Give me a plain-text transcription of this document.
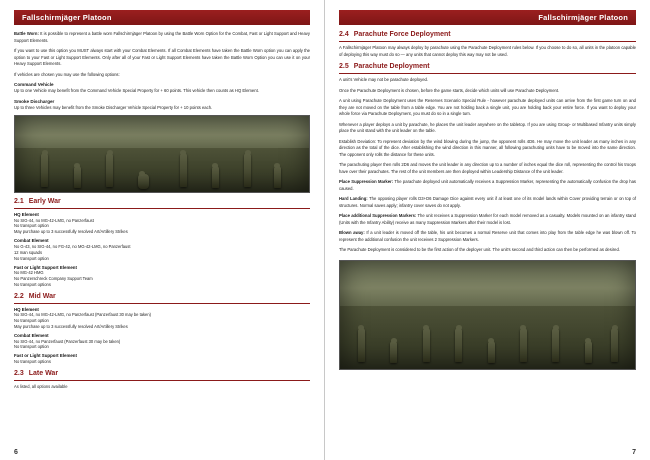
Fallschirmjäger Platoon

Battle Worn: It is possible to represent a battle worn Fallschirmjäger Platoon by using the Battle Worn Option for the Combat, Fast or Light Support and Heavy Support Elements.

If you want to use this option you MUST always start with your Combat Elements. If all Combat Elements have taken the Battle Worn option you can apply the option to your Fast or Light Support Elements. Only after all of your Fast or Light Support Elements have taken the Battle Worn Option you can use it on your Heavy Support Elements.

If vehicles are chosen you may use the following options:

Command Vehicle

Up to one Vehicle may benefit from the Command Vehicle Special Property for + 60 points. This vehicle then counts as HQ Element.

Smoke Discharger

Up to three Vehicles may benefit from the Smoke Discharger Vehicle Special Property for + 10 points each.

2.1 Early War
HQ Element

No SIG-44, no MG-42-LMG, no Panzerfaust

No transport option

May purchase up to 3 successfully resolved Art/Artillery Strikes

Combat Element

No G-43, no SIG-44, no FG-42, no MG-42-LMG, no Panzerfaust

12 man squads

No transport option

Fast or Light Support Element

No MG-42 HMG

No Panzerschreck Company Support Team

No transport options

2.2 Mid War
HQ Element

No SIG-44, no MG-42-LMG, no Panzerfaust (Panzerfaust 30 may be taken)

No transport option

May purchase up to 3 successfully resolved Art/Artillery Strikes

Combat Element

No SIG-44, no Panzerfaust (Panzerfaust 30 may be taken)

No transport option

Fast or Light Support Element

No transport options

2.3 Late War

As listed, all options available

6
Fallschirmjäger Platoon
2.4 Parachute Force Deployment

A Fallschirmjäger Platoon may always deploy by parachute using the Parachute Deployment rules below. If you choose to do so, all units in the platoon capable of deploying this way must do so — any units that cannot deploy this way may not be used.

2.5 Parachute Deployment

A unit's Vehicle may not be parachute deployed.

Once the Parachute Deployment is chosen, before the game starts, decide which units will use Parachute Deployment.

A unit using Parachute Deployment uses the Reserves Scenario Special Rule - however parachute deployed units can arrive from the first game turn on and they are not moved on the table from a table edge. You are not holding back a single unit, you are holding back your entire force. If you want to deploy your whole force via Parachute Deployment, you must do so in a single turn.

Whenever a player deploys a unit by parachute, he places the unit leader anywhere on the tabletop. If you are using Group- or Multibased Infantry units simply place the unit stand with the unit leader on the table.

Establish Deviation: To represent deviation by the wind blowing during the jump, the opponent rolls 4D6. He may move the unit leader as many inches in any direction as the total of the dice. After establishing the wind direction in this manner, all following parachuting units have to be moved into the same direction. The opponent only rolls the distance for these units.

The parachuting player then rolls 2D6 and moves the unit leader in any direction up to a number of inches equal the dice roll, representing the control his troops have over their parachutes. The rest of the unit members are then deployed within Leadership Distance of the unit leader.

Place Suppression Marker: The parachute deployed unit automatically receives a Suppression Marker, representing the automatically confusion the drop has caused.

Hard Landing: The opposing player rolls D3+D6 Damage Dice against every unit if at least one of its model lands within Cover providing terrain or on top of structures. Normal saves apply; infantry cover saves do not apply.

Place additional Suppression Markers: The unit receives a Suppression Marker for each model removed as a casualty. Models mounted on an infantry stand (Units with the Infantry Ability) receive as many Suppression Markers after their model is lost.

Blown away: If a unit leader is moved off the table, his unit becomes a normal Reserve unit that comes into play from the table edge he was blown off. To represent the additional confusion the unit receives 2 Suppression Markers.

The Parachute Deployment is considered to be the first action of the deployer unit. The unit's second and third action can then be performed as desired.

7
